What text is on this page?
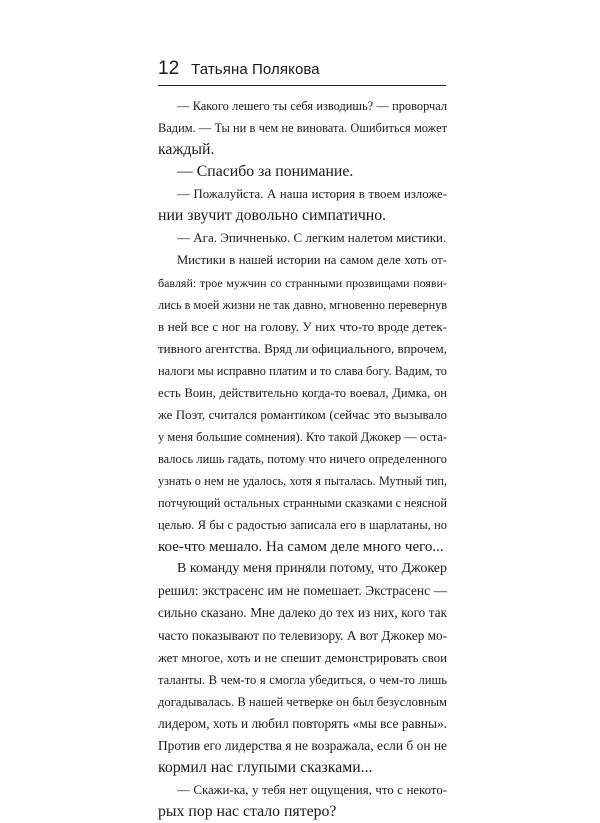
12 Татьяна Полякова
— Какого лешего ты себя изводишь? — проворчал
Вадим. — Ты ни в чем не виновата. Ошибиться может
каждый.
— Спасибо за понимание.
— Пожалуйста. А наша история в твоем изложе-
нии звучит довольно симпатично.
— Ага. Эпичненько. С легким налетом мистики.
Мистики в нашей истории на самом деле хоть от-
бавляй: трое мужчин со странными прозвищами появи-
лись в моей жизни не так давно, мгновенно перевернув
в ней все с ног на голову. У них что-то вроде детек-
тивного агентства. Вряд ли официального, впрочем,
налоги мы исправно платим и то слава богу. Вадим, то
есть Воин, действительно когда-то воевал, Димка, он
же Поэт, считался романтиком (сейчас это вызывало
у меня большие сомнения). Кто такой Джокер — оста-
валось лишь гадать, потому что ничего определенного
узнать о нем не удалось, хотя я пыталась. Мутный тип,
потчующий остальных странными сказками с неясной
целью. Я бы с радостью записала его в шарлатаны, но
кое-что мешало. На самом деле много чего...
В команду меня приняли потому, что Джокер
решил: экстрасенс им не помешает. Экстрасенс —
сильно сказано. Мне далеко до тех из них, кого так
часто показывают по телевизору. А вот Джокер мо-
жет многое, хоть и не спешит демонстрировать свои
таланты. В чем-то я смогла убедиться, о чем-то лишь
догадывалась. В нашей четверке он был безусловным
лидером, хоть и любил повторять «мы все равны».
Против его лидерства я не возражала, если б он не
кормил нас глупыми сказками...
— Скажи-ка, у тебя нет ощущения, что с некото-
рых пор нас стало пятеро?
